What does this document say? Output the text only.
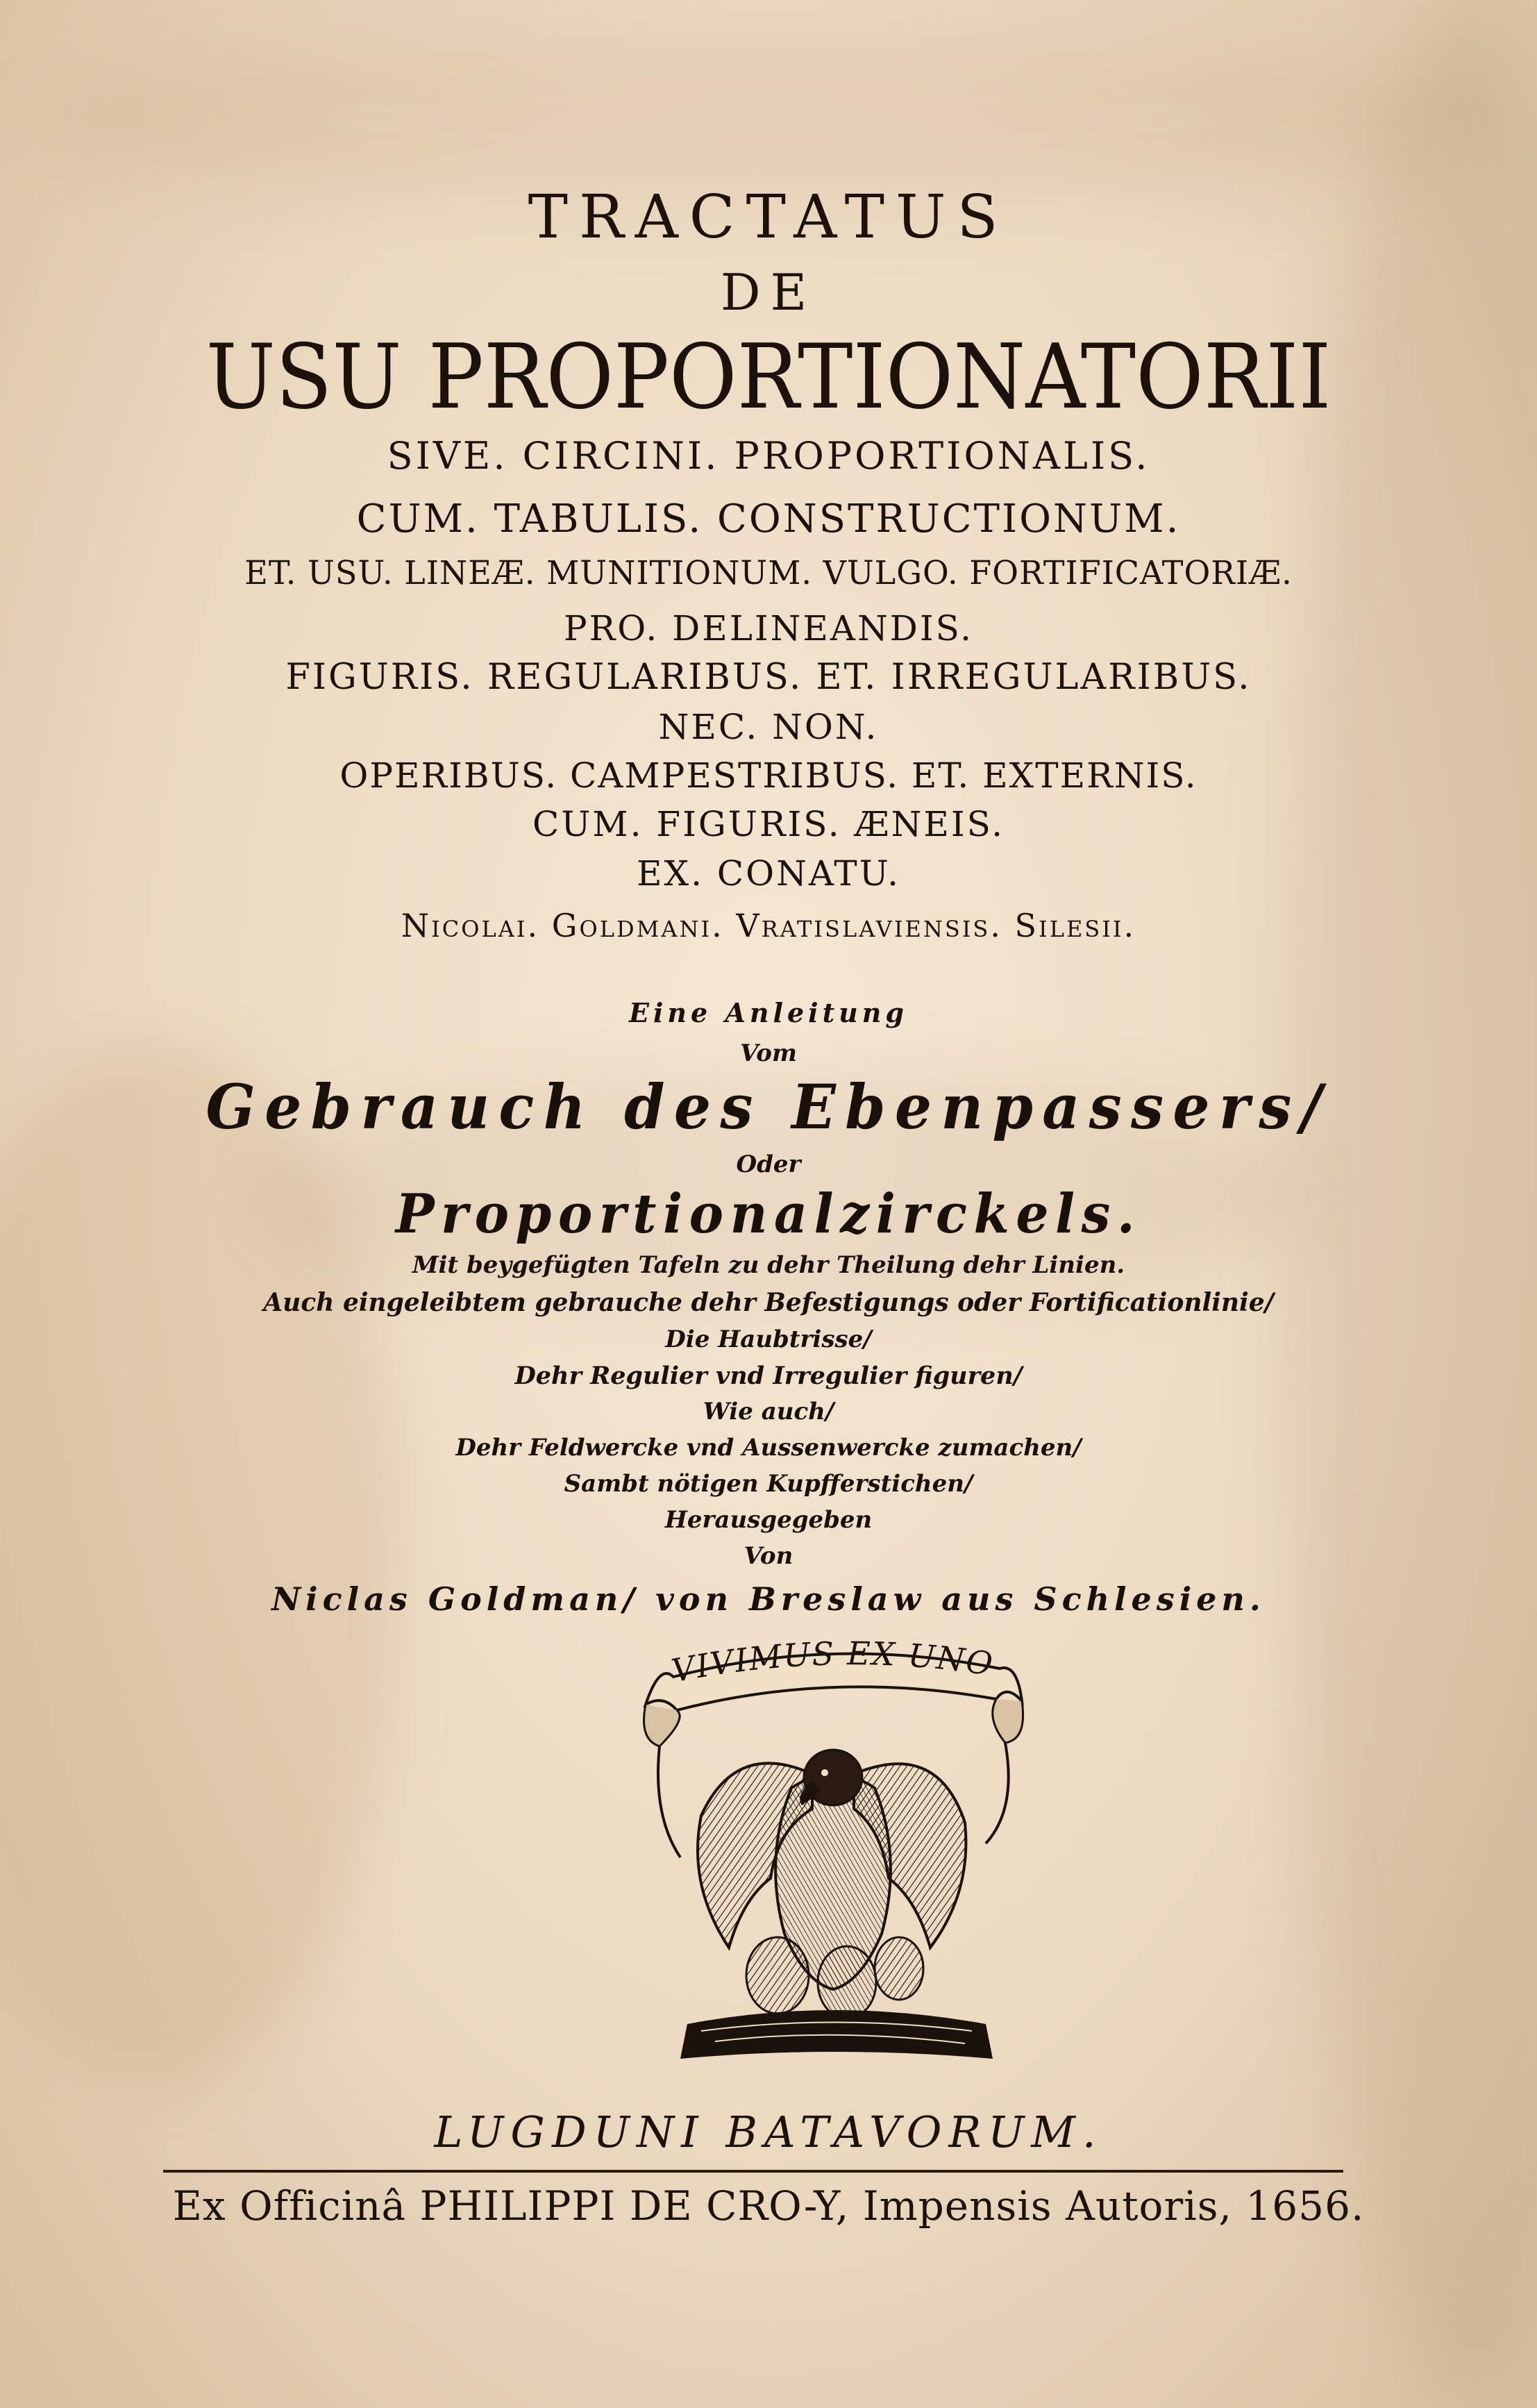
TRACTATUS
DE
USU PROPORTIONATORII
SIVE. CIRCINI. PROPORTIONALIS.
CUM. TABULIS. CONSTRUCTIONUM.
ET. USU. LINEÆ. MUNITIONUM. VULGO. FORTIFICATORIÆ.
PRO. DELINEANDIS.
FIGURIS. REGULARIBUS. ET. IRREGULARIBUS.
NEC. NON.
OPERIBUS. CAMPESTRIBUS. ET. EXTERNIS.
CUM. FIGURIS. ÆNEIS.
EX. CONATU.
Nicolai. Goldmani. Vratislaviensis. Silesii.
Eine Anleitung
Vom
Gebrauch des Ebenpassers/
Oder
Proportionalzirckels.
Mit beygefügten Tafeln zu dehr Theilung dehr Linien.
Auch eingeleibtem gebrauche dehr Befestigungs oder Fortificationlinie/
Die Haubtrisse/
Dehr Regulier vnd Irregulier figuren/
Wie auch/
Dehr Feldwercke vnd Aussenwercke zumachen/
Sambt nötigen Kupfferstichen/
Herausgegeben
Von
Niclas Goldman/ von Breslaw aus Schlesien.
VIVIMUS EX UNO
LUGDUNI BATAVORUM.
Ex Officinâ PHILIPPI DE CRO-Y, Impensis Autoris, 1656.
